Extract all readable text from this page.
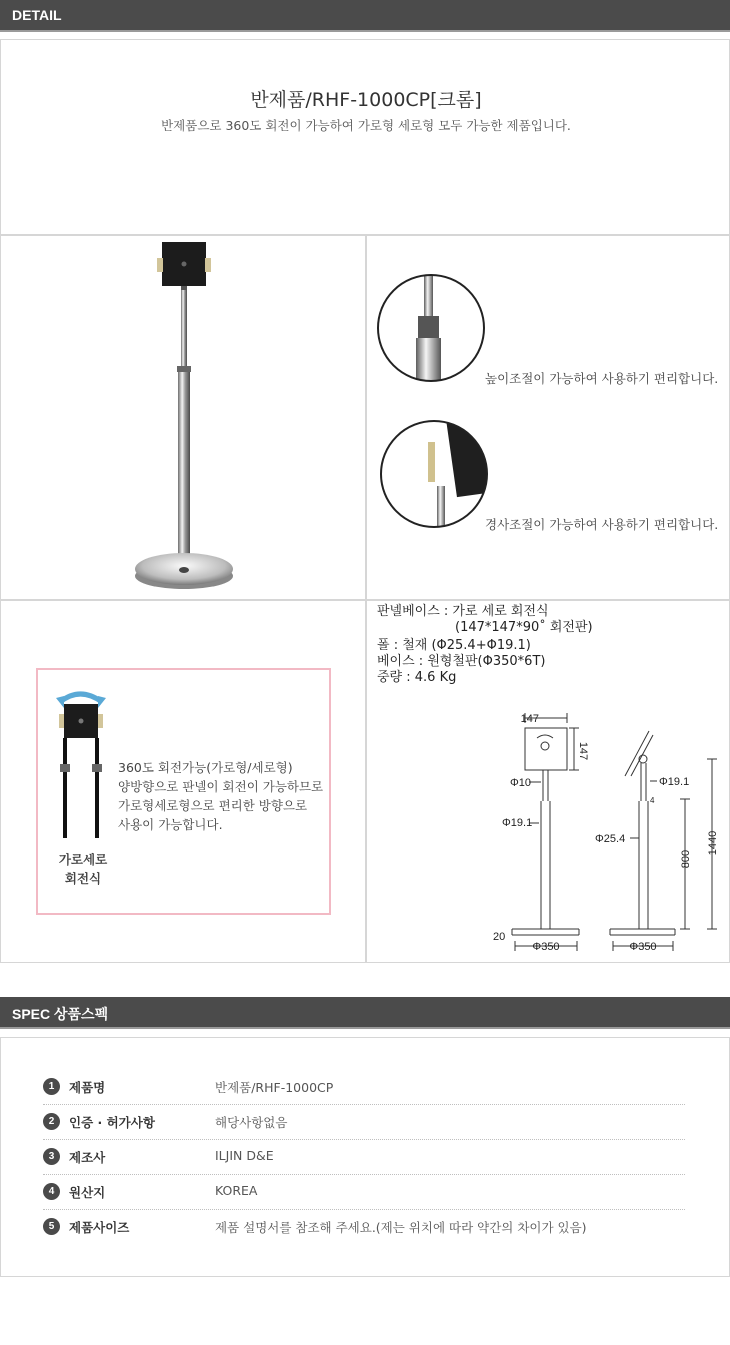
DETAIL
반제품/RHF-1000CP[크롬]
반제품으로 360도 회전이 가능하여 가로형 세로형 모두 가능한 제품입니다.
높이조절이 가능하여 사용하기 편리합니다.
경사조절이 가능하여 사용하기 편리합니다.
가로세로
회전식
360도 회전가능(가로형/세로형)
양방향으로 판넬이 회전이 가능하므로
가로형세로형으로 편리한 방향으로
사용이 가능합니다.
판넬베이스 : 가로 세로 회전식
(147*147*90˚ 회전판)
폴 : 철재 (Φ25.4+Φ19.1)
베이스 : 원형철판(Φ350*6T)
중량 : 4.6 Kg
147
147
Φ10
Φ19.1
20
Φ350
Φ19.1
Φ25.4
4
800
1440
Φ350
SPEC 상품스펙
1	제품명	반제품/RHF-1000CP
2	인증 · 허가사항	해당사항없음
3	제조사	ILJIN D&E
4	원산지	KOREA
5	제품사이즈	제품 설명서를 참조해 주세요.(제는 위치에 따라 약간의 차이가 있음)
